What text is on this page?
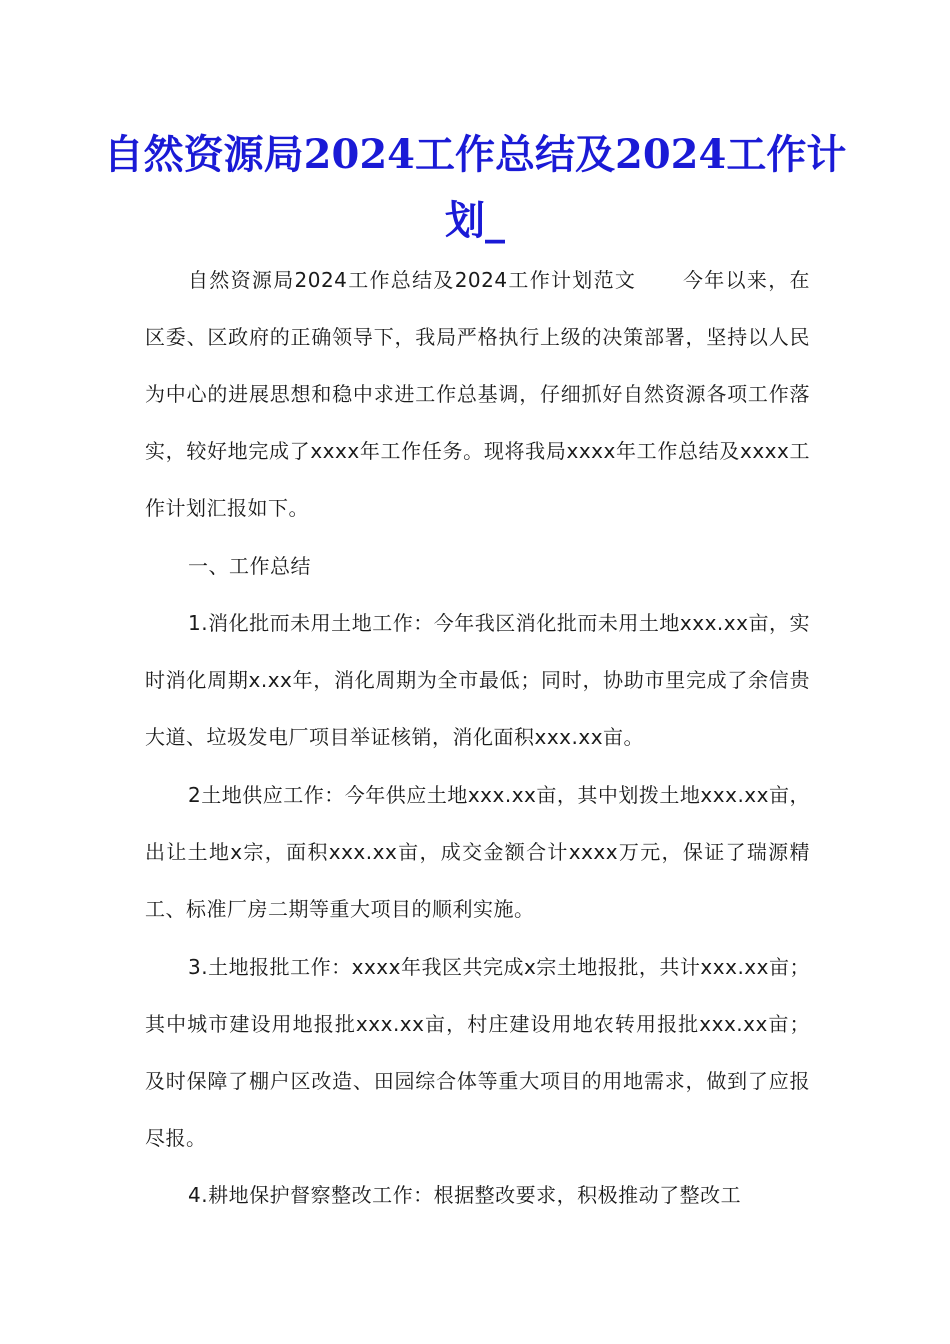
自然资源局2024工作总结及2024工作计划_

自然资源局2024工作总结及2024工作计划范文 今年以来，在区委、区政府的正确领导下，我局严格执行上级的决策部署，坚持以人民为中心的进展思想和稳中求进工作总基调，仔细抓好自然资源各项工作落实，较好地完成了xxxx年工作任务。现将我局xxxx年工作总结及xxxx工作计划汇报如下。

一、工作总结

1.消化批而未用土地工作：今年我区消化批而未用土地xxx.xx亩，实时消化周期x.xx年，消化周期为全市最低；同时，协助市里完成了余信贵大道、垃圾发电厂项目举证核销，消化面积xxx.xx亩。

2土地供应工作：今年供应土地xxx.xx亩，其中划拨土地xxx.xx亩，出让土地x宗，面积xxx.xx亩，成交金额合计xxxx万元，保证了瑞源精工、标准厂房二期等重大项目的顺利实施。

3.土地报批工作：xxxx年我区共完成x宗土地报批，共计xxx.xx亩；其中城市建设用地报批xxx.xx亩，村庄建设用地农转用报批xxx.xx亩；及时保障了棚户区改造、田园综合体等重大项目的用地需求，做到了应报尽报。

4.耕地保护督察整改工作：根据整改要求，积极推动了整改工
